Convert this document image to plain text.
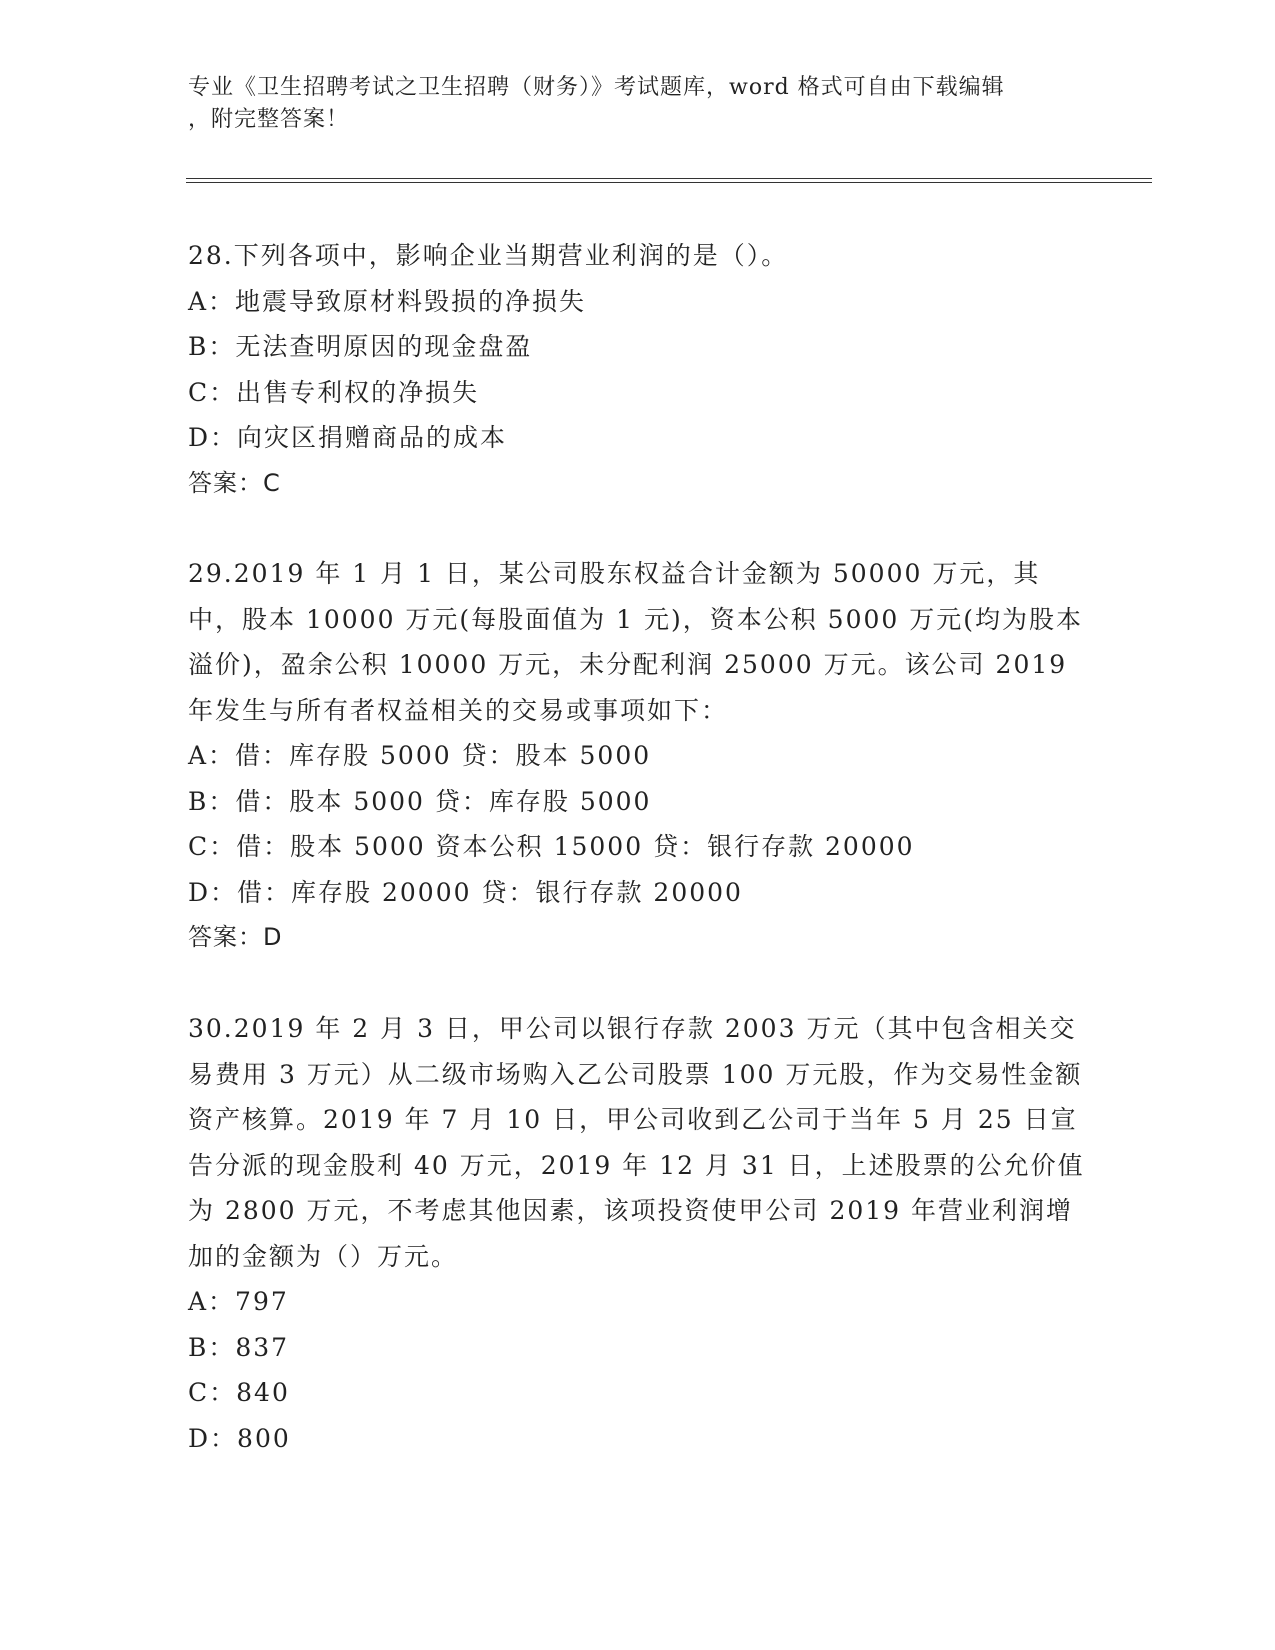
专业《卫生招聘考试之卫生招聘（财务）》考试题库，word 格式可自由下载编辑
，附完整答案！

28.下列各项中，影响企业当期营业利润的是（）。

A：地震导致原材料毁损的净损失

B：无法查明原因的现金盘盈

C：出售专利权的净损失

D：向灾区捐赠商品的成本

答案：C

29.2019 年 1 月 1 日，某公司股东权益合计金额为 50000 万元，其中，股本 10000 万元(每股面值为 1 元)，资本公积 5000 万元(均为股本溢价)，盈余公积 10000 万元，未分配利润 25000 万元。该公司 2019 年发生与所有者权益相关的交易或事项如下：

A：借：库存股 5000 贷：股本 5000

B：借：股本 5000 贷：库存股 5000

C：借：股本 5000 资本公积 15000 贷：银行存款 20000

D：借：库存股 20000 贷：银行存款 20000

答案：D

30.2019 年 2 月 3 日，甲公司以银行存款 2003 万元（其中包含相关交易费用 3 万元）从二级市场购入乙公司股票 100 万元股，作为交易性金额资产核算。2019 年 7 月 10 日，甲公司收到乙公司于当年 5 月 25 日宣告分派的现金股利 40 万元，2019 年 12 月 31 日，上述股票的公允价值为 2800 万元，不考虑其他因素，该项投资使甲公司 2019 年营业利润增加的金额为（）万元。

A：797

B：837

C：840

D：800
